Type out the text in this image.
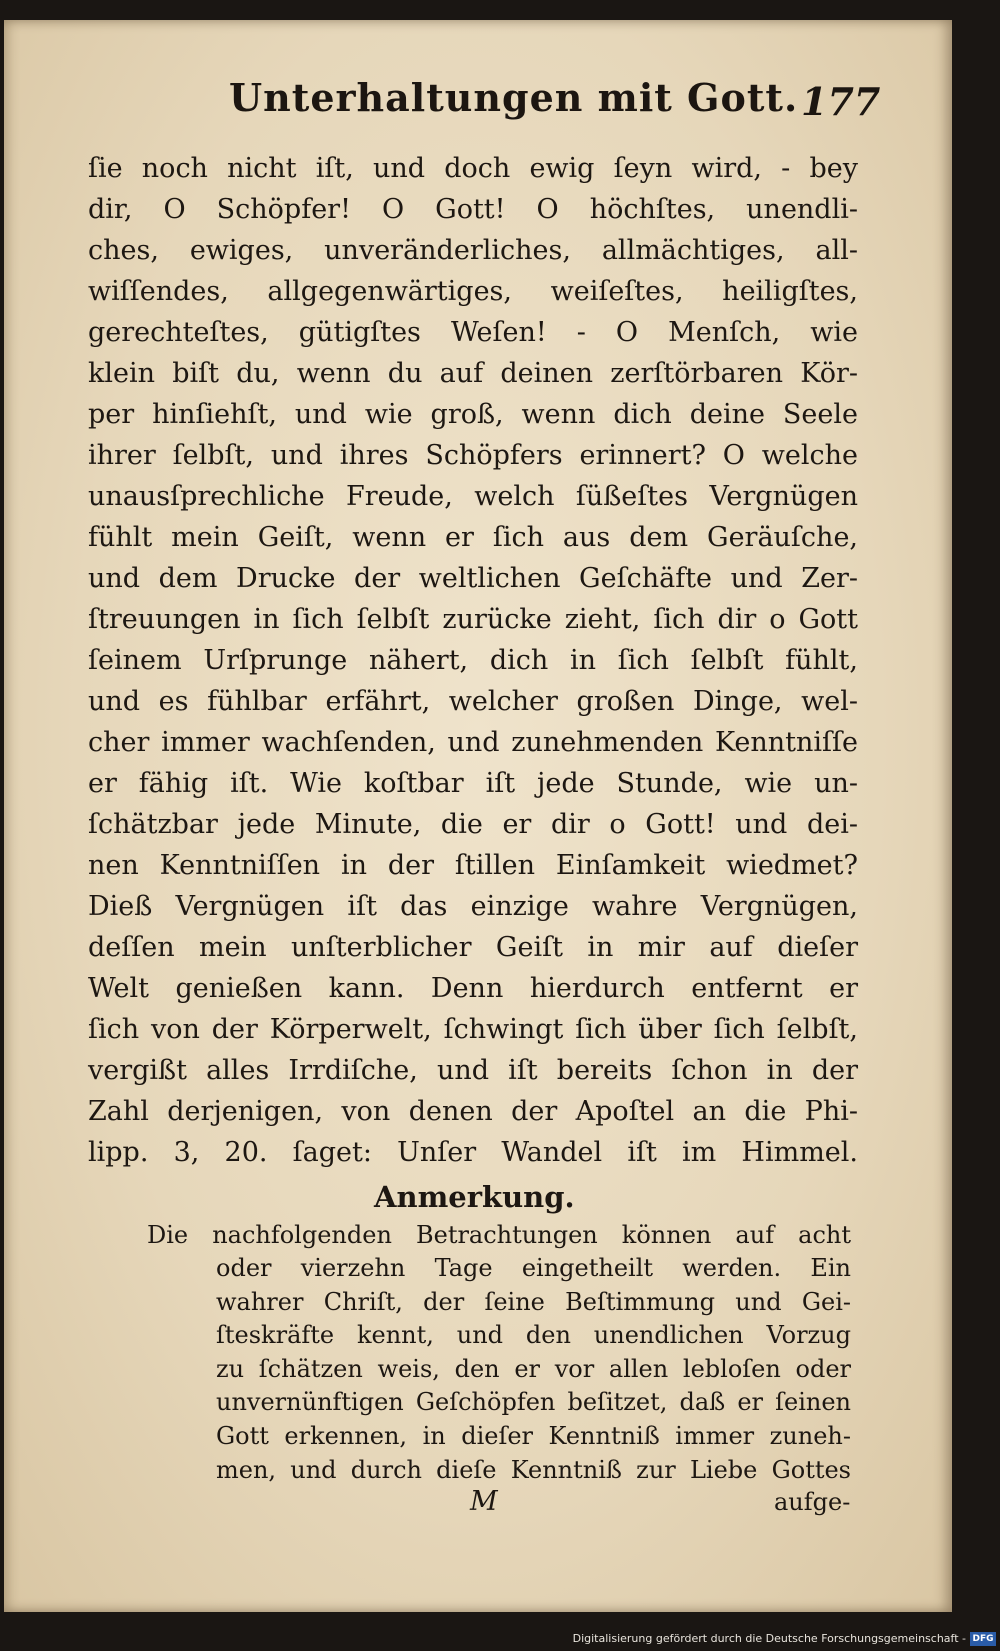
Unterhaltungen mit Gott. 177
ſie noch nicht iſt, und doch ewig ſeyn wird, - bey
dir, O Schöpfer! O Gott! O höchſtes, unendli-
ches, ewiges, unveränderliches, allmächtiges, all-
wiſſendes, allgegenwärtiges, weiſeſtes, heiligſtes,
gerechteſtes, gütigſtes Weſen! - O Menſch, wie
klein biſt du, wenn du auf deinen zerſtörbaren Kör-
per hinſiehſt, und wie groß, wenn dich deine Seele
ihrer ſelbſt, und ihres Schöpfers erinnert? O welche
unausſprechliche Freude, welch ſüßeſtes Vergnügen
fühlt mein Geiſt, wenn er ſich aus dem Geräuſche,
und dem Drucke der weltlichen Geſchäfte und Zer-
ſtreuungen in ſich ſelbſt zurücke zieht, ſich dir o Gott
ſeinem Urſprunge nähert, dich in ſich ſelbſt fühlt,
und es fühlbar erfährt, welcher großen Dinge, wel-
cher immer wachſenden, und zunehmenden Kenntniſſe
er fähig iſt. Wie koſtbar iſt jede Stunde, wie un-
ſchätzbar jede Minute, die er dir o Gott! und dei-
nen Kenntniſſen in der ſtillen Einſamkeit wiedmet?
Dieß Vergnügen iſt das einzige wahre Vergnügen,
deſſen mein unſterblicher Geiſt in mir auf dieſer
Welt genießen kann. Denn hierdurch entfernt er
ſich von der Körperwelt, ſchwingt ſich über ſich ſelbſt,
vergißt alles Irrdiſche, und iſt bereits ſchon in der
Zahl derjenigen, von denen der Apoſtel an die Phi-
lipp. 3, 20. ſaget: Unſer Wandel iſt im Himmel.
Anmerkung.
Die nachfolgenden Betrachtungen können auf acht
oder vierzehn Tage eingetheilt werden. Ein
wahrer Chriſt, der ſeine Beſtimmung und Gei-
ſteskräfte kennt, und den unendlichen Vorzug
zu ſchätzen weis, den er vor allen lebloſen oder
unvernünftigen Geſchöpfen beſitzet, daß er ſeinen
Gott erkennen, in dieſer Kenntniß immer zuneh-
men, und durch dieſe Kenntniß zur Liebe Gottes
M	aufge-
Digitalisierung gefördert durch die Deutsche Forschungsgemeinschaft - DFG
